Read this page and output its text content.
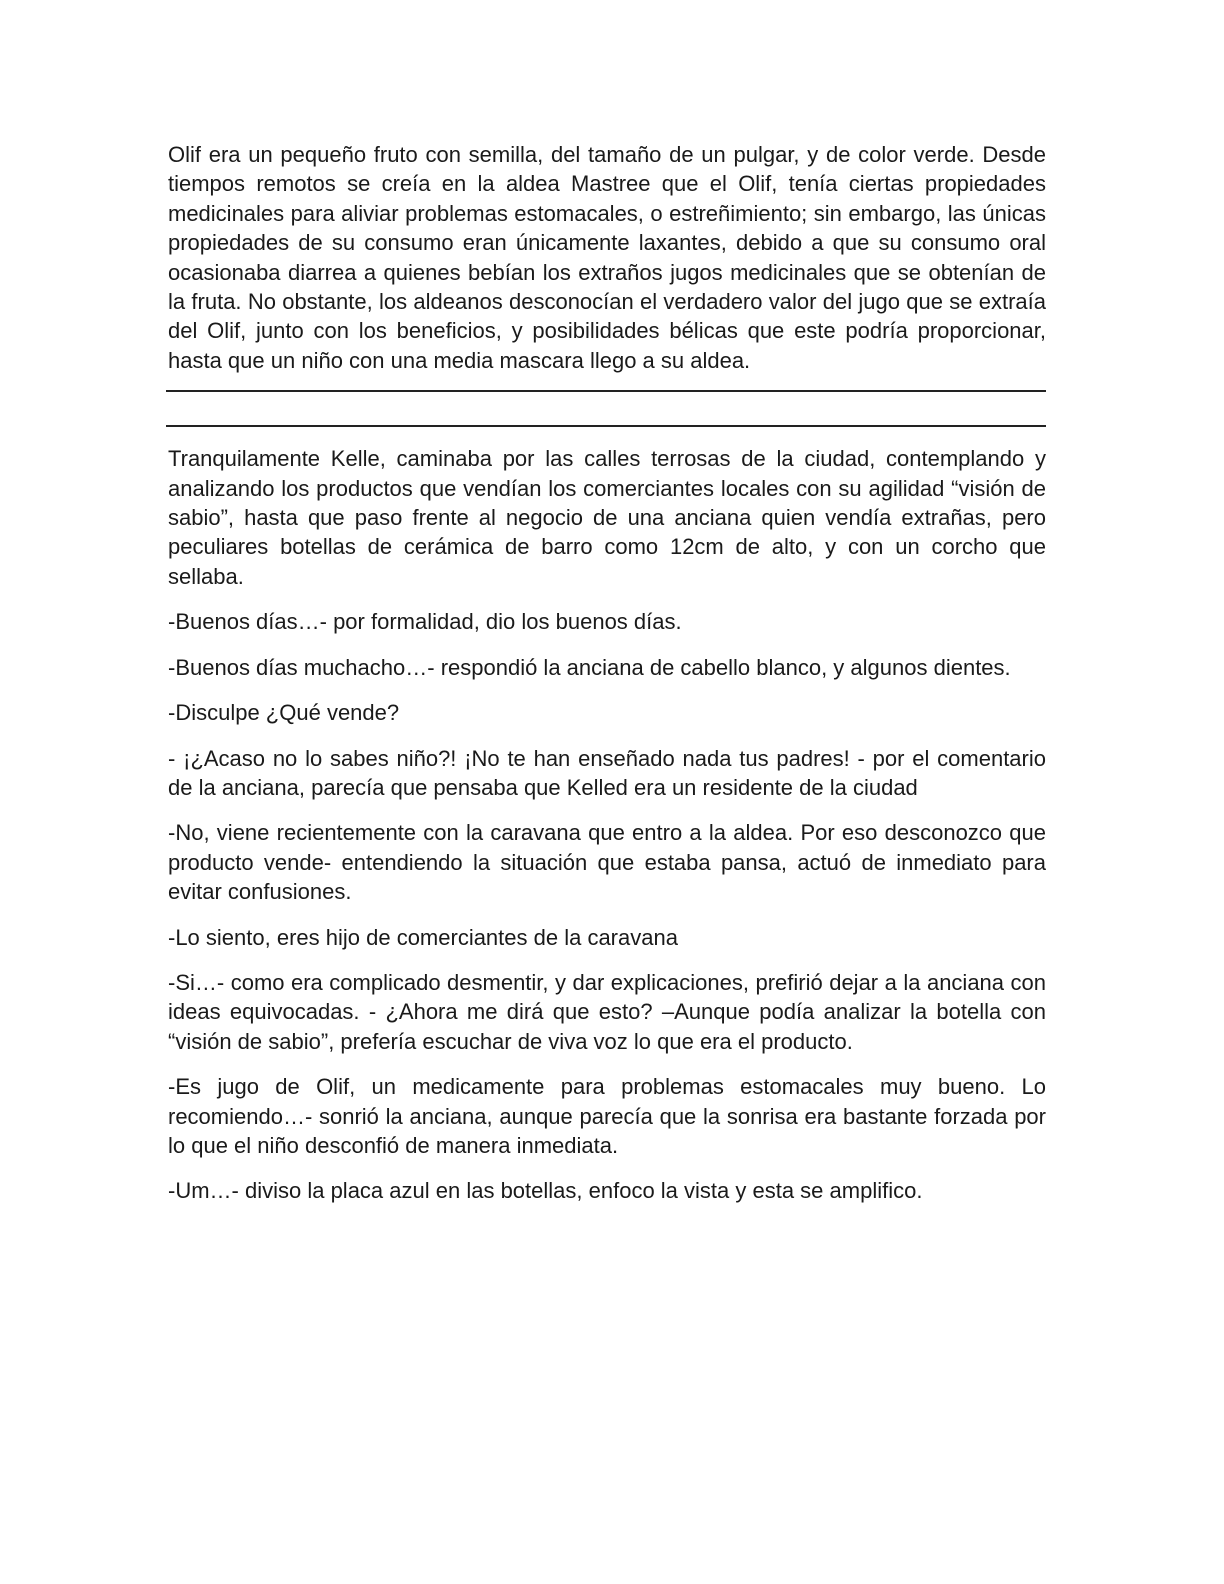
Olif era un pequeño fruto con semilla, del tamaño de un pulgar, y de color verde. Desde tiempos remotos se creía en la aldea Mastree que el Olif, tenía ciertas propiedades medicinales para aliviar problemas estomacales, o estreñimiento; sin embargo, las únicas propiedades de su consumo eran únicamente laxantes, debido a que su consumo oral ocasionaba diarrea a quienes bebían los extraños jugos medicinales que se obtenían de la fruta. No obstante, los aldeanos desconocían el verdadero valor del jugo que se extraía del Olif, junto con los beneficios, y posibilidades bélicas que este podría proporcionar, hasta que un niño con una media mascara llego a su aldea.

Tranquilamente Kelle, caminaba por las calles terrosas de la ciudad, contemplando y analizando los productos que vendían los comerciantes locales con su agilidad “visión de sabio”, hasta que paso frente al negocio de una anciana quien vendía extrañas, pero peculiares botellas de cerámica de barro como 12cm de alto, y con un corcho que sellaba.

-Buenos días…- por formalidad, dio los buenos días.

-Buenos días muchacho…- respondió la anciana de cabello blanco, y algunos dientes.

-Disculpe ¿Qué vende?

- ¡¿Acaso no lo sabes niño?! ¡No te han enseñado nada tus padres! - por el comentario de la anciana, parecía que pensaba que Kelled era un residente de la ciudad

-No, viene recientemente con la caravana que entro a la aldea. Por eso desconozco que producto vende- entendiendo la situación que estaba pansa, actuó de inmediato para evitar confusiones.

-Lo siento, eres hijo de comerciantes de la caravana

-Si…- como era complicado desmentir, y dar explicaciones, prefirió dejar a la anciana con ideas equivocadas. - ¿Ahora me dirá que esto? –Aunque podía analizar la botella con “visión de sabio”, prefería escuchar de viva voz lo que era el producto.

-Es jugo de Olif, un medicamente para problemas estomacales muy bueno. Lo recomiendo…- sonrió la anciana, aunque parecía que la sonrisa era bastante forzada por lo que el niño desconfió de manera inmediata.

-Um…- diviso la placa azul en las botellas, enfoco la vista y esta se amplifico.
